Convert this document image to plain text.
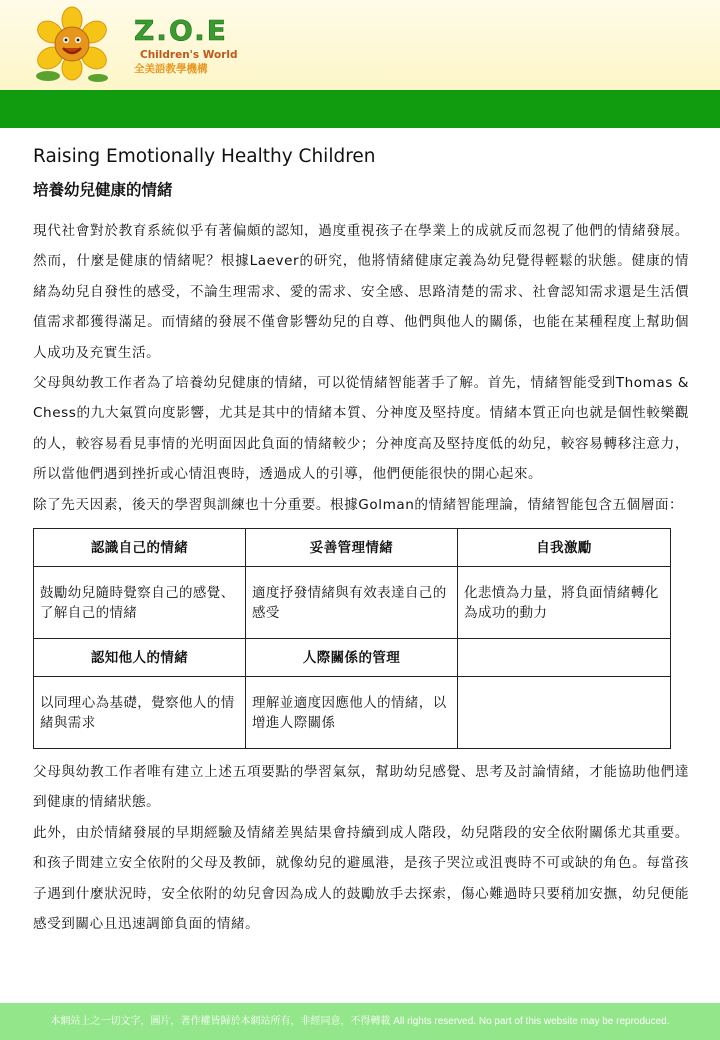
Z.O.E
Children's World
全美語教學機構
Raising Emotionally Healthy Children
培養幼兒健康的情緒

現代社會對於教育系統似乎有著偏頗的認知，過度重視孩子在學業上的成就反而忽視了他們的情緒發展。然而，什麼是健康的情緒呢？根據Laever的研究，他將情緒健康定義為幼兒覺得輕鬆的狀態。健康的情緒為幼兒自發性的感受，不論生理需求、愛的需求、安全感、思路清楚的需求、社會認知需求還是生活價值需求都獲得滿足。而情緒的發展不僅會影響幼兒的自尊、他們與他人的關係，也能在某種程度上幫助個人成功及充實生活。

父母與幼教工作者為了培養幼兒健康的情緒，可以從情緒智能著手了解。首先，情緒智能受到Thomas & Chess的九大氣質向度影響，尤其是其中的情緒本質、分神度及堅持度。情緒本質正向也就是個性較樂觀的人，較容易看見事情的光明面因此負面的情緒較少；分神度高及堅持度低的幼兒，較容易轉移注意力，所以當他們遇到挫折或心情沮喪時，透過成人的引導，他們便能很快的開心起來。

除了先天因素，後天的學習與訓練也十分重要。根據Golman的情緒智能理論，情緒智能包含五個層面：

認識自己的情緒	妥善管理情緒	自我激勵
鼓勵幼兒隨時覺察自己的感覺、了解自己的情緒	適度抒發情緒與有效表達自己的感受	化悲憤為力量，將負面情緒轉化為成功的動力
認知他人的情緒	人際關係的管理	
以同理心為基礎，覺察他人的情緒與需求	理解並適度因應他人的情緒，以增進人際關係	

父母與幼教工作者唯有建立上述五項要點的學習氣氛，幫助幼兒感覺、思考及討論情緒，才能協助他們達到健康的情緒狀態。

此外，由於情緒發展的早期經驗及情緒差異結果會持續到成人階段，幼兒階段的安全依附關係尤其重要。和孩子間建立安全依附的父母及教師，就像幼兒的避風港，是孩子哭泣或沮喪時不可或缺的角色。每當孩子遇到什麼狀況時，安全依附的幼兒會因為成人的鼓勵放手去探索，傷心難過時只要稍加安撫，幼兒便能感受到關心且迅速調節負面的情緒。

本網站上之一切文字，圖片，著作權皆歸於本網站所有，非經同意，不得轉載 All rights reserved. No part of this website may be reproduced.
